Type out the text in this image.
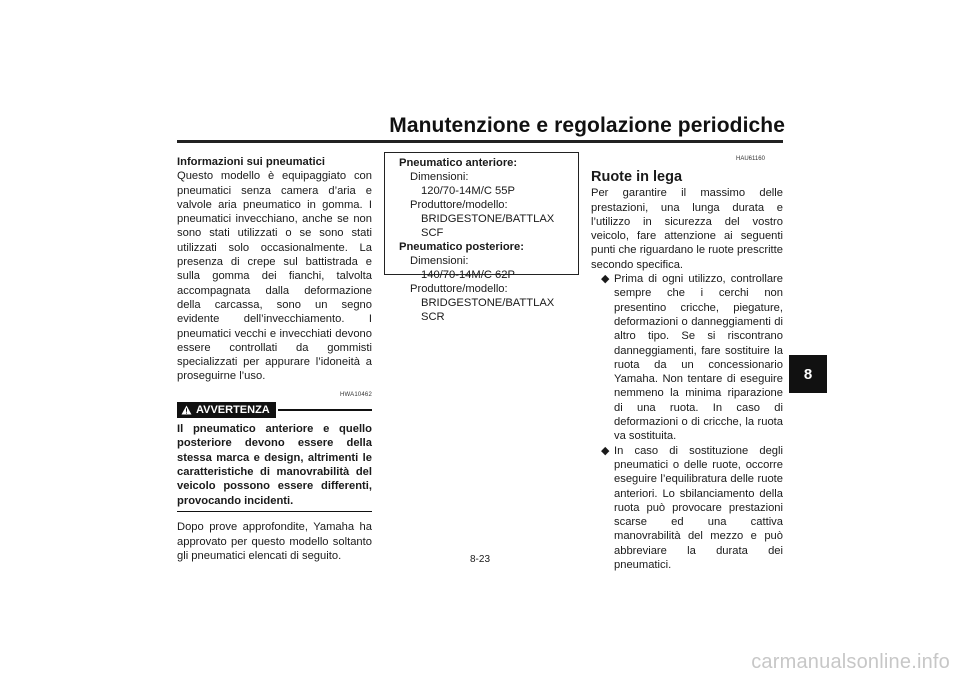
Manutenzione e regolazione periodiche
8
Informazioni sui pneumatici
Questo modello è equipaggiato con pneumatici senza camera d’aria e valvole aria pneumatico in gomma. I pneumatici invecchiano, anche se non sono stati utilizzati o se sono stati utilizzati solo occasionalmente. La presenza di crepe sul battistrada e sulla gomma dei fianchi, talvolta accompagnata dalla deformazione della carcassa, sono un segno evidente dell’invecchiamento. I pneumatici vecchi e invecchiati devono essere controllati da gommisti specializzati per appurare l’idoneità a proseguirne l’uso.
HWA10462
AVVERTENZA
Il pneumatico anteriore e quello posteriore devono essere della stessa marca e design, altrimenti le caratteristiche di manovrabilità del veicolo possono essere differenti, provocando incidenti.
Dopo prove approfondite, Yamaha ha approvato per questo modello soltanto gli pneumatici elencati di seguito.
Pneumatico anteriore:
Dimensioni:
120/70-14M/C 55P
Produttore/modello:
BRIDGESTONE/BATTLAX SCF
Pneumatico posteriore:
Dimensioni:
140/70-14M/C 62P
Produttore/modello:
BRIDGESTONE/BATTLAX SCR
HAU61160
Ruote in lega
Per garantire il massimo delle prestazioni, una lunga durata e l’utilizzo in sicurezza del vostro veicolo, fare attenzione ai seguenti punti che riguardano le ruote prescritte secondo specifica.
◆ Prima di ogni utilizzo, controllare sempre che i cerchi non presentino cricche, piegature, deformazioni o danneggiamenti di altro tipo. Se si riscontrano danneggiamenti, fare sostituire la ruota da un concessionario Yamaha. Non tentare di eseguire nemmeno la minima riparazione di una ruota. In caso di deformazioni o di cricche, la ruota va sostituita.
◆ In caso di sostituzione degli pneumatici o delle ruote, occorre eseguire l’equilibratura delle ruote anteriori. Lo sbilanciamento della ruota può provocare prestazioni scarse ed una cattiva manovrabilità del mezzo e può abbreviare la durata dei pneumatici.
8-23
carmanualsonline.info
